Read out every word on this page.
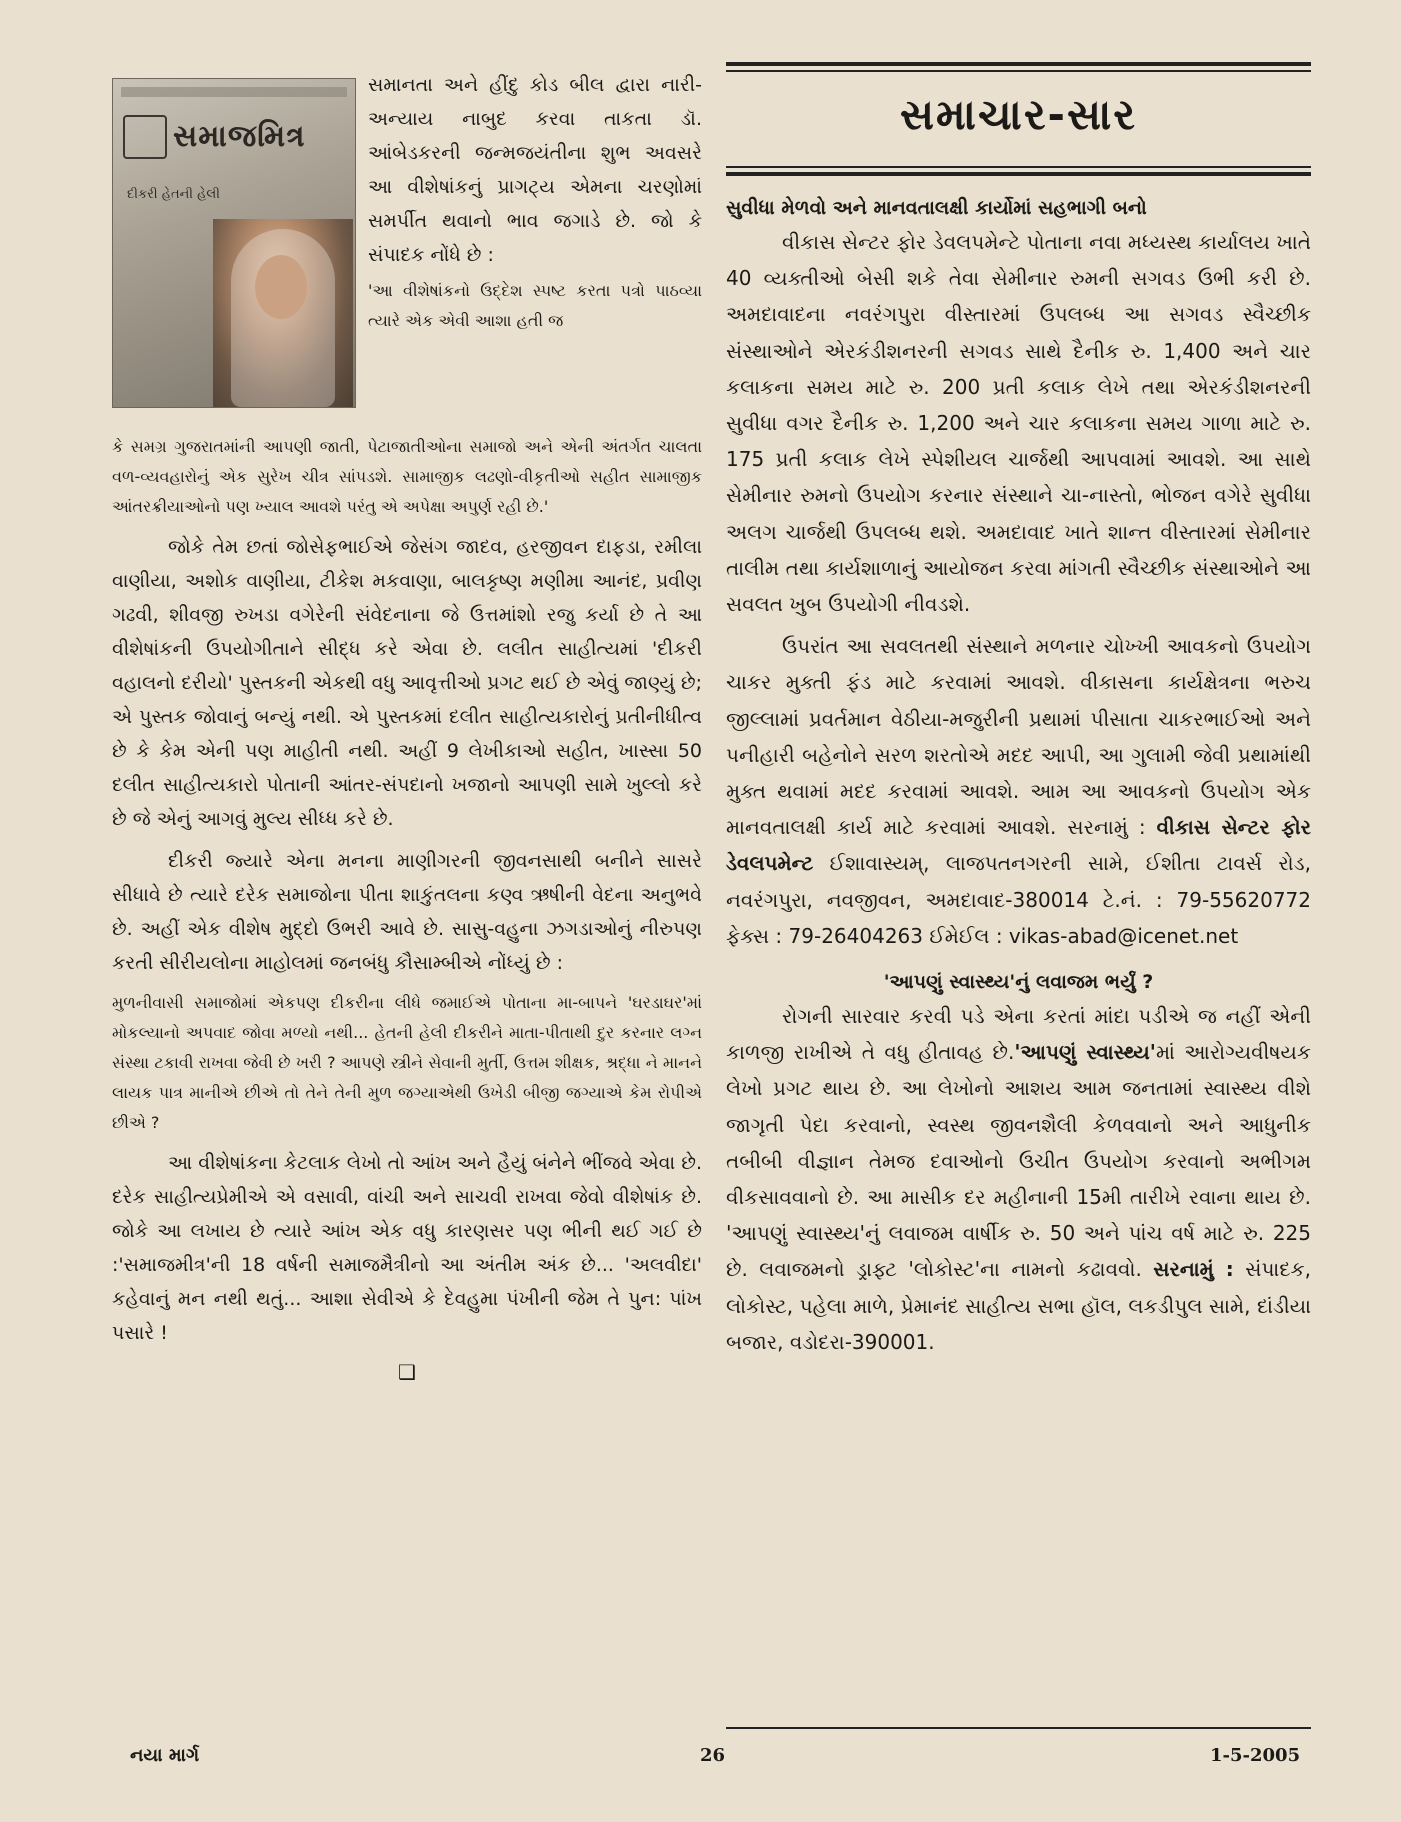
સમાજમિત્ર
દીકરી હેતની હેલી

સમાનતા અને હીંદુ કોડ બીલ દ્વારા નારી-અન્યાય નાબુદ કરવા તાકતા ડૉ. આંબેડકરની જન્મજયંતીના શુભ અવસરે આ વીશેષાંકનું પ્રાગટ્ય એમના ચરણોમાં સમર્પીત થવાનો ભાવ જગાડે છે. જો કે સંપાદક નોંધે છે :

'આ વીશેષાંકનો ઉદ્દેશ સ્પષ્ટ કરતા પત્રો પાઠવ્યા ત્યારે એક એવી આશા હતી જ

કે સમગ્ર ગુજરાતમાંની આપણી જાતી, પેટાજાતીઓના સમાજો અને એની અંતર્ગત ચાલતા વળ-વ્યવહારોનું એક સુરેખ ચીત્ર સાંપડશે. સામાજીક લઢણો-વીકૃતીઓ સહીત સામાજીક આંતરક્રીયાઓનો પણ ખ્યાલ આવશે પરંતુ એ અપેક્ષા અપુર્ણ રહી છે.'

જોકે તેમ છતાં જોસેફભાઈએ જેસંગ જાદવ, હરજીવન દાફડા, રમીલા વાણીયા, અશોક વાણીયા, ટીકેશ મકવાણા, બાલકૃષ્ણ મણીમા આનંદ, પ્રવીણ ગઢવી, શીવજી રુખડા વગેરેની સંવેદનાના જે ઉત્તમાંશો રજુ કર્યા છે તે આ વીશેષાંકની ઉપયોગીતાને સીદ્ધ કરે એવા છે. લલીત સાહીત્યમાં 'દીકરી વહાલનો દરીયો' પુસ્તકની એકથી વધુ આવૃત્તીઓ પ્રગટ થઈ છે એવું જાણ્યું છે; એ પુસ્તક જોવાનું બન્યું નથી. એ પુસ્તકમાં દલીત સાહીત્યકારોનું પ્રતીનીધીત્વ છે કે કેમ એની પણ માહીતી નથી. અહીં 9 લેખીકાઓ સહીત, ખાસ્સા 50 દલીત સાહીત્યકારો પોતાની આંતર-સંપદાનો ખજાનો આપણી સામે ખુલ્લો કરે છે જે એનું આગવું મુલ્ય સીધ્ધ કરે છે.

દીકરી જ્યારે એના મનના માણીગરની જીવનસાથી બનીને સાસરે સીધાવે છે ત્યારે દરેક સમાજોના પીતા શાકુંતલના કણ્વ ઋષીની વેદના અનુભવે છે. અહીં એક વીશેષ મુદ્દો ઉભરી આવે છે. સાસુ-વહુના ઝગડાઓનું નીરુપણ કરતી સીરીયલોના માહોલમાં જનબંધુ કૌસામ્બીએ નોંધ્યું છે :

મુળનીવાસી સમાજોમાં એકપણ દીકરીના લીધે જમાઈએ પોતાના મા-બાપને 'ઘરડાઘર'માં મોકલ્યાનો અપવાદ જોવા મળ્યો નથી... હેતની હેલી દીકરીને માતા-પીતાથી દુર કરનાર લગ્ન સંસ્થા ટકાવી રાખવા જેવી છે ખરી ? આપણે સ્ત્રીને સેવાની મુર્તી, ઉત્તમ શીક્ષક, શ્રદ્ધા ને માનને લાયક પાત્ર માનીએ છીએ તો તેને તેની મુળ જગ્યાએથી ઉખેડી બીજી જગ્યાએ કેમ રોપીએ છીએ ?

આ વીશેષાંકના કેટલાક લેખો તો આંખ અને હૈયું બંનેને ભીંજવે એવા છે. દરેક સાહીત્યપ્રેમીએ એ વસાવી, વાંચી અને સાચવી રાખવા જેવો વીશેષાંક છે. જોકે આ લખાય છે ત્યારે આંખ એક વધુ કારણસર પણ ભીની થઈ ગઈ છે :'સમાજમીત્ર'ની 18 વર્ષની સમાજમૈત્રીનો આ અંતીમ અંક છે... 'અલવીદા' કહેવાનું મન નથી થતું... આશા સેવીએ કે દેવહુમા પંખીની જેમ તે પુન: પાંખ પસારે !

❑
સમાચાર-સાર
સુવીધા મેળવો અને માનવતાલક્ષી કાર્યોમાં સહભાગી બનો

વીકાસ સેન્ટર ફોર ડેવલપમેન્ટે પોતાના નવા મધ્યસ્થ કાર્યાલય ખાતે 40 વ્યક્તીઓ બેસી શકે તેવા સેમીનાર રુમની સગવડ ઉભી કરી છે. અમદાવાદના નવરંગપુરા વીસ્તારમાં ઉપલબ્ધ આ સગવડ સ્વૈચ્છીક સંસ્થાઓને એરકંડીશનરની સગવડ સાથે દૈનીક રુ. 1,400 અને ચાર કલાકના સમય માટે રુ. 200 પ્રતી કલાક લેખે તથા એરકંડીશનરની સુવીધા વગર દૈનીક રુ. 1,200 અને ચાર કલાકના સમય ગાળા માટે રુ. 175 પ્રતી કલાક લેખે સ્પેશીયલ ચાર્જથી આપવામાં આવશે. આ સાથે સેમીનાર રુમનો ઉપયોગ કરનાર સંસ્થાને ચા-નાસ્તો, ભોજન વગેરે સુવીધા અલગ ચાર્જથી ઉપલબ્ધ થશે. અમદાવાદ ખાતે શાન્ત વીસ્તારમાં સેમીનાર તાલીમ તથા કાર્યશાળાનું આયોજન કરવા માંગતી સ્વૈચ્છીક સંસ્થાઓને આ સવલત ખુબ ઉપયોગી નીવડશે.

ઉપરાંત આ સવલતથી સંસ્થાને મળનાર ચોખ્ખી આવકનો ઉપયોગ ચાકર મુક્તી ફંડ માટે કરવામાં આવશે. વીકાસના કાર્યક્ષેત્રના ભરુચ જીલ્લામાં પ્રવર્તમાન વેઠીયા-મજુરીની પ્રથામાં પીસાતા ચાકરભાઈઓ અને પનીહારી બહેનોને સરળ શરતોએ મદદ આપી, આ ગુલામી જેવી પ્રથામાંથી મુક્ત થવામાં મદદ કરવામાં આવશે. આમ આ આવકનો ઉપયોગ એક માનવતાલક્ષી કાર્ય માટે કરવામાં આવશે. સરનામું : વીકાસ સેન્ટર ફોર ડેવલપમેન્ટ ઈશાવાસ્યમ્, લાજપતનગરની સામે, ઈશીતા ટાવર્સ રોડ, નવરંગપુરા, નવજીવન, અમદાવાદ-380014 ટે.નં. : 79-55620772 ફેક્સ : 79-26404263 ઈમેઈલ : vikas-abad@icenet.net

'આપણું સ્વાસ્થ્ય'નું લવાજમ ભર્યું ?

રોગની સારવાર કરવી પડે એના કરતાં માંદા પડીએ જ નહીં એની કાળજી રાખીએ તે વધુ હીતાવહ છે.'આપણું સ્વાસ્થ્ય'માં આરોગ્યવીષયક લેખો પ્રગટ થાય છે. આ લેખોનો આશય આમ જનતામાં સ્વાસ્થ્ય વીશે જાગૃતી પેદા કરવાનો, સ્વસ્થ જીવનશૈલી કેળવવાનો અને આધુનીક તબીબી વીજ્ઞાન તેમજ દવાઓનો ઉચીત ઉપયોગ કરવાનો અભીગમ વીકસાવવાનો છે. આ માસીક દર મહીનાની 15મી તારીખે રવાના થાય છે. 'આપણું સ્વાસ્થ્ય'નું લવાજમ વાર્ષીક રુ. 50 અને પાંચ વર્ષ માટે રુ. 225 છે. લવાજમનો ડ્રાફ્ટ 'લોકોસ્ટ'ના નામનો કઢાવવો. સરનામું : સંપાદક, લોકોસ્ટ, પહેલા માળે, પ્રેમાનંદ સાહીત્ય સભા હૉલ, લકડીપુલ સામે, દાંડીયા બજાર, વડોદરા-390001.

નયા માર્ગ	26	1-5-2005
